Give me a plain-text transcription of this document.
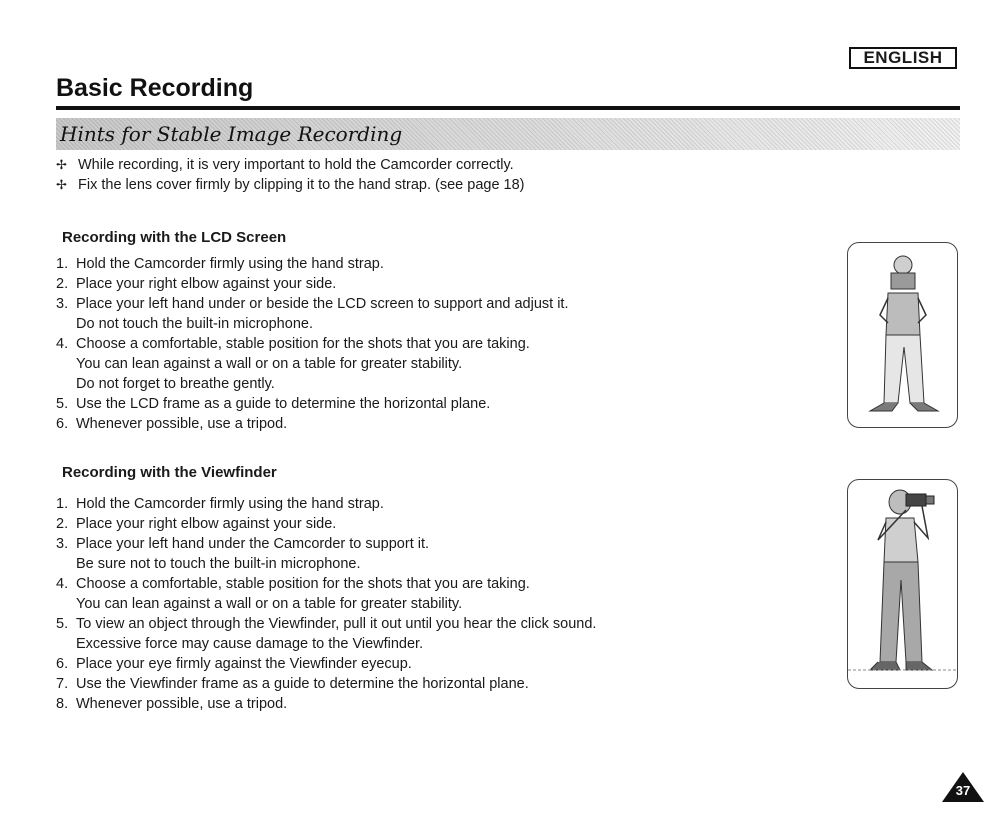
ENGLISH
Basic Recording
Hints for Stable Image Recording
✢ While recording, it is very important to hold the Camcorder correctly.
✢ Fix the lens cover firmly by clipping it to the hand strap. (see page 18)
Recording with the LCD Screen
1. Hold the Camcorder firmly using the hand strap.
2. Place your right elbow against your side.
3. Place your left hand under or beside the LCD screen to support and adjust it.
Do not touch the built-in microphone.
4. Choose a comfortable, stable position for the shots that you are taking.
You can lean against a wall or on a table for greater stability.
Do not forget to breathe gently.
5. Use the LCD frame as a guide to determine the horizontal plane.
6. Whenever possible, use a tripod.
Recording with the Viewfinder
1. Hold the Camcorder firmly using the hand strap.
2. Place your right elbow against your side.
3. Place your left hand under the Camcorder to support it.
Be sure not to touch the built-in microphone.
4. Choose a comfortable, stable position for the shots that you are taking.
You can lean against a wall or on a table for greater stability.
5. To view an object through the Viewfinder, pull it out until you hear the click sound.
Excessive force may cause damage to the Viewfinder.
6. Place your eye firmly against the Viewfinder eyecup.
7. Use the Viewfinder frame as a guide to determine the horizontal plane.
8. Whenever possible, use a tripod.
37
